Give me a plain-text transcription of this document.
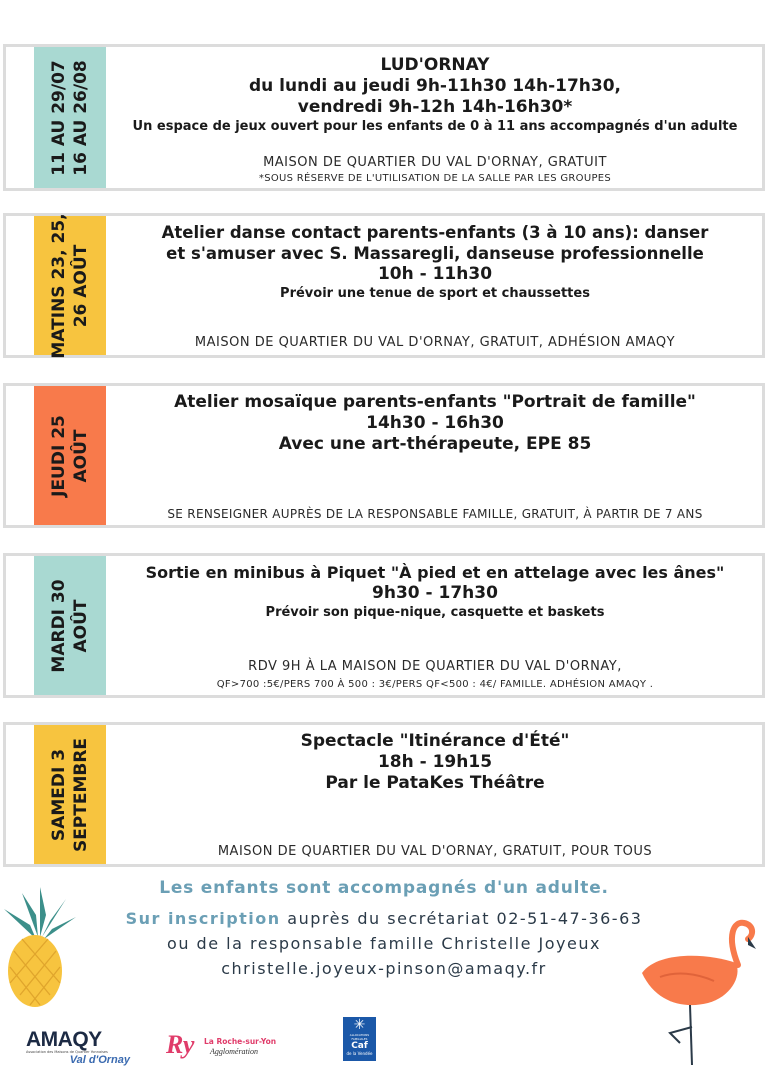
11 AU 29/07 16 AU 26/08	LUD'ORNAY
du lundi au jeudi 9h-11h30 14h-17h30,
vendredi 9h-12h 14h-16h30*
Un espace de jeux ouvert pour les enfants de 0 à 11 ans accompagnés d'un adulte
MAISON DE QUARTIER DU VAL D'ORNAY, GRATUIT
*SOUS RÉSERVE DE L'UTILISATION DE LA SALLE PAR LES GROUPES
MATINS 23, 25, 26 AOÛT
Atelier danse contact parents-enfants (3 à 10 ans): danser
et s'amuser avec S. Massaregli, danseuse professionnelle
10h - 11h30
Prévoir une tenue de sport et chaussettes
MAISON DE QUARTIER DU VAL D'ORNAY, GRATUIT, ADHÉSION AMAQY
JEUDI 25 AOÛT
Atelier mosaïque parents-enfants "Portrait de famille"
14h30 - 16h30
Avec une art-thérapeute, EPE 85
SE RENSEIGNER AUPRÈS DE LA RESPONSABLE FAMILLE, GRATUIT, À PARTIR DE 7 ANS
MARDI 30 AOÛT
Sortie en minibus à Piquet "À pied et en attelage avec les ânes"
9h30 - 17h30
Prévoir son pique-nique, casquette et baskets
RDV 9H À LA MAISON DE QUARTIER DU VAL D'ORNAY,
QF>700 :5€/PERS 700 À 500 : 3€/PERS QF<500 : 4€/ FAMILLE. ADHÉSION AMAQY .
SAMEDI 3 SEPTEMBRE	Spectacle "Itinérance d'Été"
18h - 19h15
Par le PataKes Théâtre
MAISON DE QUARTIER DU VAL D'ORNAY, GRATUIT, POUR TOUS
Les enfants sont accompagnés d'un adulte.
Sur inscription auprès du secrétariat 02-51-47-36-63
ou de la responsable famille Christelle Joyeux
christelle.joyeux-pinson@amaqy.fr
AMAQY
Association des Maisons de Quartier Yonnaises
Val d'Ornay
Ry La Roche-sur-Yon
Agglomération
✳
ALLOCATIONS FAMILIALES
Caf
de la Vendée
